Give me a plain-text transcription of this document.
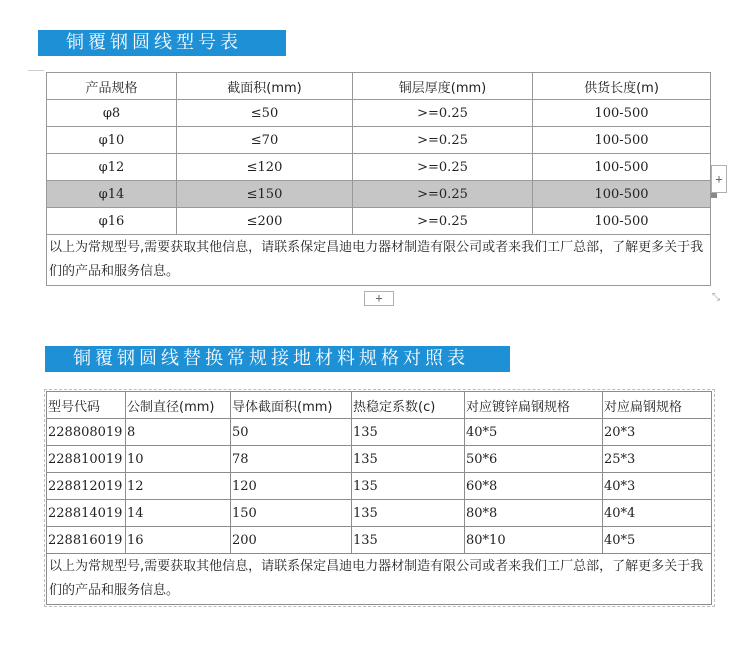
铜覆钢圆线型号表
产品规格	截面积(mm)	铜层厚度(mm)	供货长度(m)
φ8	≤50	>=0.25	100-500
φ10	≤70	>=0.25	100-500
φ12	≤120	>=0.25	100-500
φ14	≤150	>=0.25	100-500
φ16	≤200	>=0.25	100-500
以上为常规型号,需要获取其他信息，请联系保定昌迪电力器材制造有限公司或者来我们工厂总部，了解更多关于我们的产品和服务信息。			
+
+	⤡
铜覆钢圆线替换常规接地材料规格对照表
型号代码	公制直径(mm)	导体截面积(mm)	热稳定系数(c)	对应镀锌扁钢规格	对应扁钢规格
228808019	8	50	135	40*5	20*3
228810019	10	78	135	50*6	25*3
228812019	12	120	135	60*8	40*3
228814019	14	150	135	80*8	40*4
228816019	16	200	135	80*10	40*5
以上为常规型号,需要获取其他信息，请联系保定昌迪电力器材制造有限公司或者来我们工厂总部，了解更多关于我们的产品和服务信息。					
